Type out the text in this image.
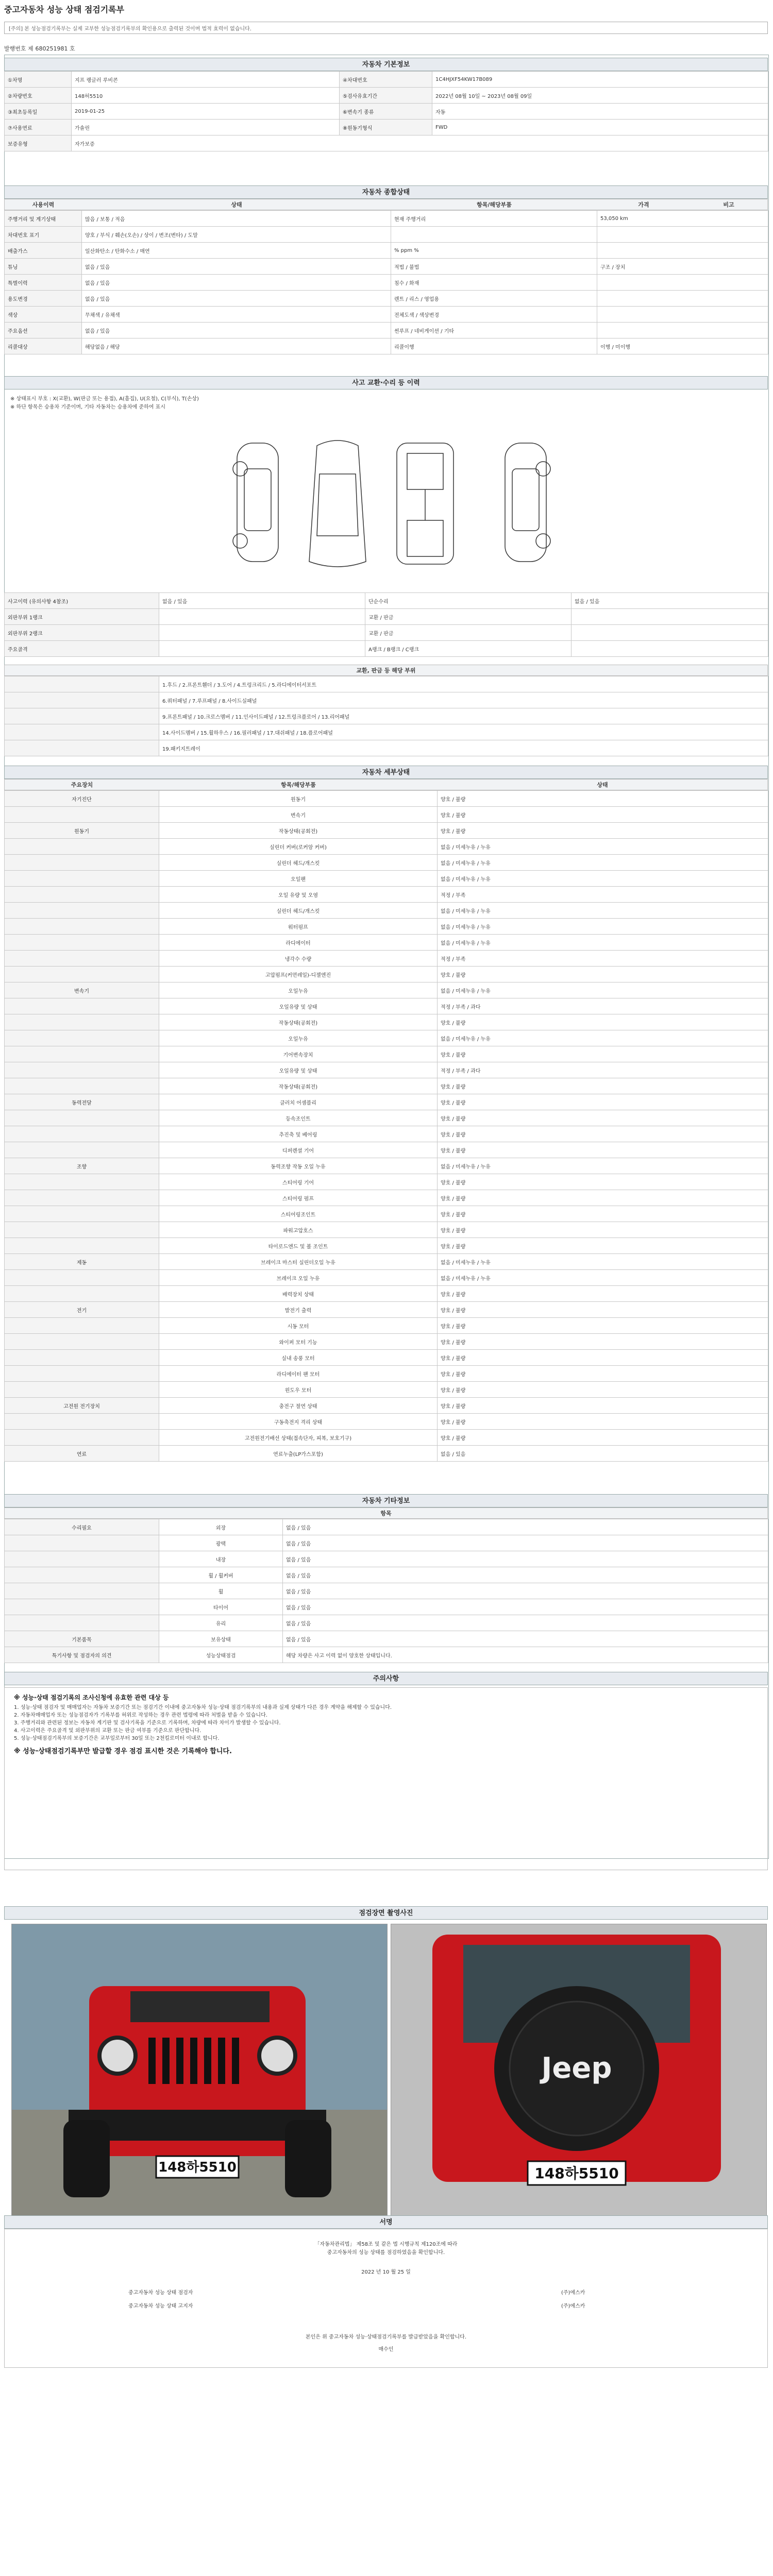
중고자동차 성능 상태 점검기록부
[주의] 본 성능점검기록부는 실제 교부한 성능점검기록부의 확인용으로 출력된 것이며 법적 효력이 없습니다.
발행번호 제 680251981 호
자동차 기본정보
①차명	지프 랭글러 루비콘	④차대번호	1C4HJXF54KW17B089
②차량번호	148허5510	⑤검사유효기간	2022년 08월 10일 ~ 2023년 08월 09일
③최초등록일	2019-01-25	⑥변속기 종류	자동
⑦사용연료	가솔린	⑧원동기형식	FWD
보증유형	자가보증		
자동차 종합상태
사용이력	상태	항목/해당부품	가격	비고
주행거리 및 계기상태	많음 / 보통 / 적음	현재 주행거리	53,050 km
차대번호 표기	양호 / 부식 / 훼손(오손) / 상이 / 변조(변타) / 도말		
배출가스	일산화탄소 / 탄화수소 / 매연	% ppm %	
튜닝	없음 / 있음	적법 / 불법	구조 / 장치
특별이력	없음 / 있음	침수 / 화재	
용도변경	없음 / 있음	렌트 / 리스 / 영업용	
색상	무채색 / 유채색	전체도색 / 색상변경	
주요옵션	없음 / 있음	썬루프 / 네비게이션 / 기타	
리콜대상	해당없음 / 해당	리콜이행	이행 / 미이행
사고 교환·수리 등 이력
※ 상태표시 부호 : X(교환), W(판금 또는 용접), A(흠집), U(요철), C(부식), T(손상)
※ 하단 항목은 승용차 기준이며, 기타 자동차는 승용차에 준하여 표시
사고이력 (유의사항 4참조)	없음 / 있음	단순수리	없음 / 있음
외판부위 1랭크		교환 / 판금	
외판부위 2랭크		교환 / 판금	
주요골격		A랭크 / B랭크 / C랭크	
교환, 판금 등 해당 부위
	1.후드 / 2.프론트휀더 / 3.도어 / 4.트렁크리드 / 5.라디에이터서포트
	6.쿼터패널 / 7.루프패널 / 8.사이드실패널
	9.프론트패널 / 10.크로스멤버 / 11.인사이드패널 / 12.트렁크플로어 / 13.리어패널
	14.사이드멤버 / 15.휠하우스 / 16.필러패널 / 17.대쉬패널 / 18.플로어패널
	19.패키지트레이
자동차 세부상태
주요장치	항목/해당부품	상태
자기진단	원동기	양호 / 불량
	변속기	양호 / 불량
원동기	작동상태(공회전)	양호 / 불량
	실린더 커버(로커암 커버)	없음 / 미세누유 / 누유
	실린더 헤드/개스킷	없음 / 미세누유 / 누유
	오일팬	없음 / 미세누유 / 누유
	오일 유량 및 오염	적정 / 부족
	실린더 헤드/개스킷	없음 / 미세누유 / 누유
	워터펌프	없음 / 미세누유 / 누유
	라디에이터	없음 / 미세누유 / 누유
	냉각수 수량	적정 / 부족
	고압펌프(커먼레일)-디젤엔진	양호 / 불량
변속기	오일누유	없음 / 미세누유 / 누유
	오일유량 및 상태	적정 / 부족 / 과다
	작동상태(공회전)	양호 / 불량
	오일누유	없음 / 미세누유 / 누유
	기어변속장치	양호 / 불량
	오일유량 및 상태	적정 / 부족 / 과다
	작동상태(공회전)	양호 / 불량
동력전달	클러치 어셈블리	양호 / 불량
	등속조인트	양호 / 불량
	추진축 및 베어링	양호 / 불량
	디퍼렌셜 기어	양호 / 불량
조향	동력조향 작동 오일 누유	없음 / 미세누유 / 누유
	스티어링 기어	양호 / 불량
	스티어링 펌프	양호 / 불량
	스티어링조인트	양호 / 불량
	파워고압호스	양호 / 불량
	타이로드엔드 및 볼 조인트	양호 / 불량
제동	브레이크 마스터 실린더오일 누유	없음 / 미세누유 / 누유
	브레이크 오일 누유	없음 / 미세누유 / 누유
	배력장치 상태	양호 / 불량
전기	발전기 출력	양호 / 불량
	시동 모터	양호 / 불량
	와이퍼 모터 기능	양호 / 불량
	실내 송풍 모터	양호 / 불량
	라디에이터 팬 모터	양호 / 불량
	윈도우 모터	양호 / 불량
고전원 전기장치	충전구 절연 상태	양호 / 불량
	구동축전지 격리 상태	양호 / 불량
	고전원전기배선 상태(접속단자, 피복, 보호기구)	양호 / 불량
연료	연료누출(LP가스포함)	없음 / 있음
자동차 기타정보
항목
수리필요	외장	없음 / 있음
	광택	없음 / 있음
	내장	없음 / 있음
	휠 / 휠커버	없음 / 있음
	휠	없음 / 있음
	타이어	없음 / 있음
	유리	없음 / 있음
기본품목	보유상태	없음 / 있음
특기사항 및 점검자의 의견	성능상태점검	해당 차량은 사고 이력 없이 양호한 상태입니다.
주의사항
※ 성능·상태 점검기록의 조사신청에 유효한 관련 대상 등
1. 성능·상태 점검자 및 매매업자는 자동차 보증기간 또는 점검기간 이내에 중고자동차 성능·상태 점검기록부의 내용과 실제 상태가 다른 경우 계약을 해제할 수 있습니다.
2. 자동차매매업자 또는 성능점검자가 기록부를 허위로 작성하는 경우 관련 법령에 따라 처벌을 받을 수 있습니다.
3. 주행거리와 관련된 정보는 자동차 계기판 및 검사기록을 기준으로 기록하며, 차량에 따라 차이가 발생할 수 있습니다.
4. 사고이력은 주요골격 및 외판부위의 교환 또는 판금 여부를 기준으로 판단합니다.
5. 성능·상태점검기록부의 보증기간은 교부일로부터 30일 또는 2천킬로미터 이내로 합니다.
※ 성능·상태점검기록부만 발급할 경우 점검 표시한 것은 기록해야 합니다.
점검장면 촬영사진
148하5510
Jeep
148하5510
서명
「자동차관리법」 제58조 및 같은 법 시행규칙 제120조에 따라
중고자동차의 성능 상태를 점검하였음을 확인합니다.
2022 년 10 월 25 일
중고자동차 성능 상태 점검자	(주)에스카
중고자동차 성능 상태 고지자	(주)에스카
본인은 위 중고자동차 성능·상태점검기록부를 발급받았음을 확인합니다.
매수인
